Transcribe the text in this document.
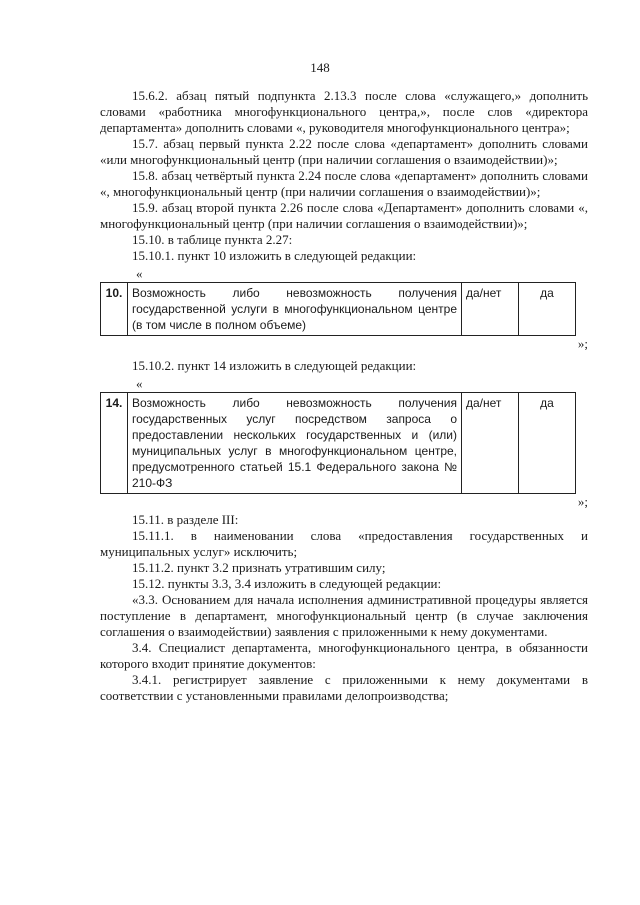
148

15.6.2. абзац пятый подпункта 2.13.3 после слова «служащего,» дополнить словами «работника многофункционального центра,», после слов «директора департамента» дополнить словами «, руководителя многофункционального центра»;

15.7. абзац первый пункта 2.22 после слова «департамент» дополнить словами «или многофункциональный центр (при наличии соглашения о взаимодействии)»;

15.8. абзац четвёртый пункта 2.24 после слова «департамент» дополнить словами «, многофункциональный центр (при наличии соглашения о взаимодействии)»;

15.9. абзац второй пункта 2.26 после слова «Департамент» дополнить словами «, многофункциональный центр (при наличии соглашения о взаимодействии)»;

15.10. в таблице пункта 2.27:

15.10.1. пункт 10 изложить в следующей редакции:

«

10.	Возможность либо невозможность получения государственной услуги в многофункциональном центре (в том числе в полном объеме)	да/нет	да

»;

15.10.2. пункт 14 изложить в следующей редакции:

«

14.	Возможность либо невозможность получения государственных услуг посредством запроса о предоставлении нескольких государственных и (или) муниципальных услуг в многофункциональном центре, предусмотренного статьей 15.1 Федерального закона № 210-ФЗ	да/нет	да

»;

15.11. в разделе III:

15.11.1. в наименовании слова «предоставления государственных и муниципальных услуг» исключить;

15.11.2. пункт 3.2 признать утратившим силу;

15.12. пункты 3.3, 3.4 изложить в следующей редакции:

«3.3. Основанием для начала исполнения административной процедуры является поступление в департамент, многофункциональный центр (в случае заключения соглашения о взаимодействии) заявления с приложенными к нему документами.

3.4. Специалист департамента, многофункционального центра, в обязанности которого входит принятие документов:

3.4.1. регистрирует заявление с приложенными к нему документами в соответствии с установленными правилами делопроизводства;
